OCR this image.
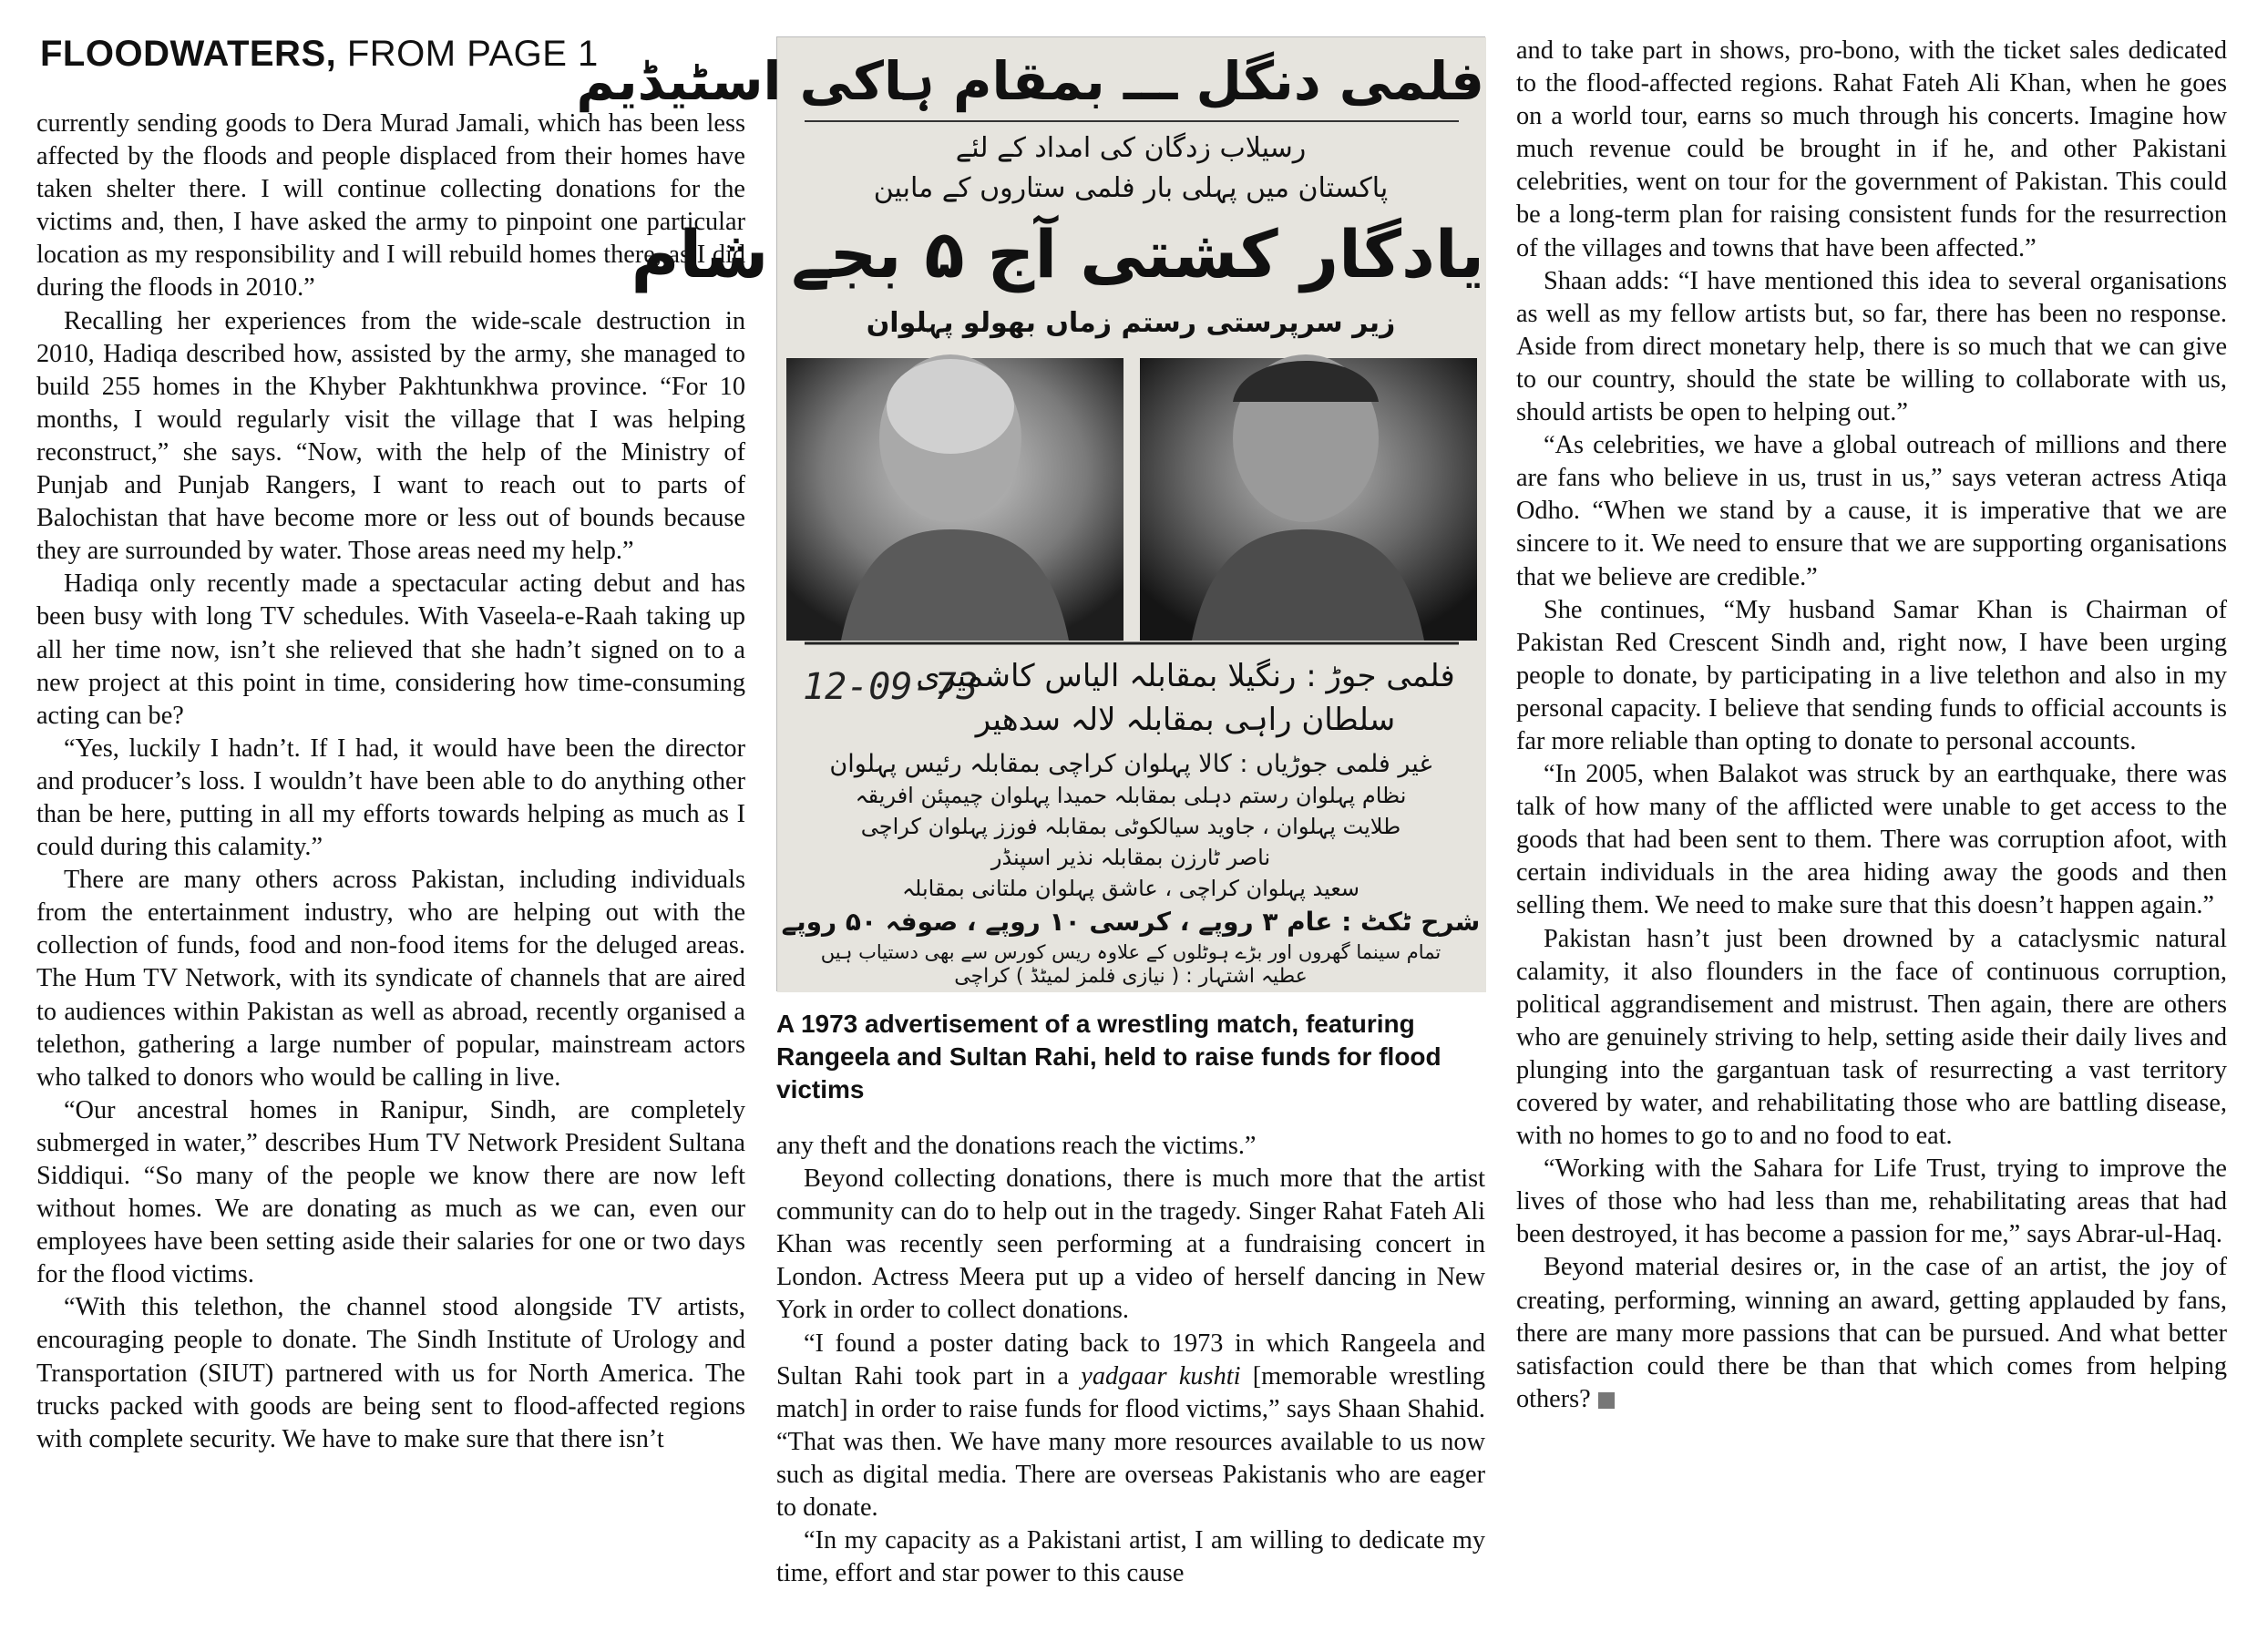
FLOODWATERS, FROM PAGE 1

currently sending goods to Dera Murad Jamali, which has been less affected by the floods and people displaced from their homes have taken shelter there. I will continue collecting donations for the victims and, then, I have asked the army to pinpoint one particular location as my responsibility and I will rebuild homes there, as I did during the floods in 2010.”

Recalling her experiences from the wide-scale destruction in 2010, Hadiqa described how, assisted by the army, she managed to build 255 homes in the Khyber Pakhtunkhwa province. “For 10 months, I would regularly visit the village that I was helping reconstruct,” she says. “Now, with the help of the Ministry of Punjab and Punjab Rangers, I want to reach out to parts of Balochistan that have become more or less out of bounds because they are surrounded by water. Those areas need my help.”

Hadiqa only recently made a spectacular acting debut and has been busy with long TV schedules. With Vaseela-e-Raah taking up all her time now, isn’t she relieved that she hadn’t signed on to a new project at this point in time, considering how time-consuming acting can be?

“Yes, luckily I hadn’t. If I had, it would have been the director and producer’s loss. I wouldn’t have been able to do anything other than be here, putting in all my efforts towards helping as much as I could during this calamity.”

There are many others across Pakistan, including individuals from the entertainment industry, who are helping out with the collection of funds, food and non-food items for the deluged areas. The Hum TV Network, with its syndicate of channels that are aired to audiences within Pakistan as well as abroad, recently organised a telethon, gathering a large number of popular, mainstream actors who talked to donors who would be calling in live.

“Our ancestral homes in Ranipur, Sindh, are completely submerged in water,” describes Hum TV Network President Sultana Siddiqui. “So many of the people we know there are now left without homes. We are donating as much as we can, even our employees have been setting aside their salaries for one or two days for the flood victims.

“With this telethon, the channel stood alongside TV artists, encouraging people to donate. The Sindh Institute of Urology and Transportation (SIUT) partnered with us for North America. The trucks packed with goods are being sent to flood-affected regions with complete security. We have to make sure that there isn’t

فلمی دنگل ـــ بمقام ہاکی اسٹیڈیم
رسیلاب زدگان کی امداد کے لئے
پاکستان میں پہلی بار فلمی ستاروں کے مابین
یادگار کشتی آج ۵ بجے شام
زیر سرپرستی رستم زماں بھولو پہلوان
12-09-73
فلمی جوڑ : رنگیلا بمقابلہ الیاس کاشمیری
سلطان راہی بمقابلہ لالہ سدھیر
غیر فلمی جوڑیاں : کالا پہلوان کراچی بمقابلہ رئیس پہلوان
نظام پہلوان رستم دہلی بمقابلہ حمیدا پہلوان چیمپئن افریقہ
طلایت پہلوان ، جاوید سیالکوٹی بمقابلہ فوزز پہلوان کراچی
ناصر ٹارزن بمقابلہ نذیر اسپنڈر
سعید پہلوان کراچی ، عاشق پہلوان ملتانی بمقابلہ
شرح ٹکٹ : عام ۳ روپے ، کرسی ۱۰ روپے ، صوفہ ۵۰ روپے
تمام سینما گھروں اور بڑے ہوٹلوں کے علاوہ ریس کورس سے بھی دستیاب ہیں
عطیہ اشتہار : ( نیازی فلمز لمیٹڈ ) کراچی
A 1973 advertisement of a wrestling match, featuring Rangeela and Sultan Rahi, held to raise funds for flood victims

any theft and the donations reach the victims.”

Beyond collecting donations, there is much more that the artist community can do to help out in the tragedy. Singer Rahat Fateh Ali Khan was recently seen performing at a fundraising concert in London. Actress Meera put up a video of herself dancing in New York in order to collect donations.

“I found a poster dating back to 1973 in which Rangeela and Sultan Rahi took part in a yadgaar kushti [memorable wrestling match] in order to raise funds for flood victims,” says Shaan Shahid. “That was then. We have many more resources available to us now such as digital media. There are overseas Pakistanis who are eager to donate.

“In my capacity as a Pakistani artist, I am willing to dedicate my time, effort and star power to this cause

and to take part in shows, pro-bono, with the ticket sales dedicated to the flood-affected regions. Rahat Fateh Ali Khan, when he goes on a world tour, earns so much through his concerts. Imagine how much revenue could be brought in if he, and other Pakistani celebrities, went on tour for the government of Pakistan. This could be a long-term plan for raising consistent funds for the resurrection of the villages and towns that have been affected.”

Shaan adds: “I have mentioned this idea to several organisations as well as my fellow artists but, so far, there has been no response. Aside from direct monetary help, there is so much that we can give to our country, should the state be willing to collaborate with us, should artists be open to helping out.”

“As celebrities, we have a global outreach of millions and there are fans who believe in us, trust in us,” says veteran actress Atiqa Odho. “When we stand by a cause, it is imperative that we are sincere to it. We need to ensure that we are supporting organisations that we believe are credible.”

She continues, “My husband Samar Khan is Chairman of Pakistan Red Crescent Sindh and, right now, I have been urging people to donate, by participating in a live telethon and also in my personal capacity. I believe that sending funds to official accounts is far more reliable than opting to donate to personal accounts.

“In 2005, when Balakot was struck by an earthquake, there was talk of how many of the afflicted were unable to get access to the goods that had been sent to them. There was corruption afoot, with certain individuals in the area hiding away the goods and then selling them. We need to make sure that this doesn’t happen again.”

Pakistan hasn’t just been drowned by a cataclysmic natural calamity, it also flounders in the face of continuous corruption, political aggrandisement and mistrust. Then again, there are others who are genuinely striving to help, setting aside their daily lives and plunging into the gargantuan task of resurrecting a vast territory covered by water, and rehabilitating those who are battling disease, with no homes to go to and no food to eat.

“Working with the Sahara for Life Trust, trying to improve the lives of those who had less than me, rehabilitating areas that had been destroyed, it has become a passion for me,” says Abrar-ul-Haq.

Beyond material desires or, in the case of an artist, the joy of creating, performing, winning an award, getting applauded by fans, there are many more passions that can be pursued. And what better satisfaction could there be than that which comes from helping others?
